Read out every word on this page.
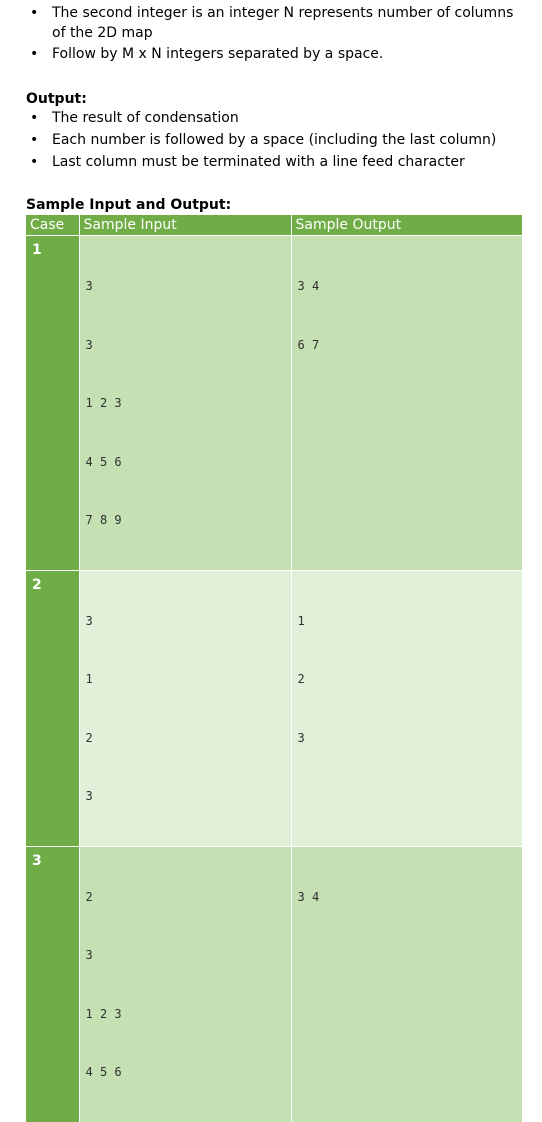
• The second integer is an integer N represents number of columns of the 2D map
• Follow by M x N integers separated by a space.
Output:
• The result of condensation
• Each number is followed by a space (including the last column)
• Last column must be terminated with a line feed character
Sample Input and Output:
Case	Sample Input	Sample Output
1	3

3

1 2 3

4 5 6

7 8 9	3 4

6 7

2	3

1

2

3	1

2

3

3	2

3

1 2 3

4 5 6	3 4
